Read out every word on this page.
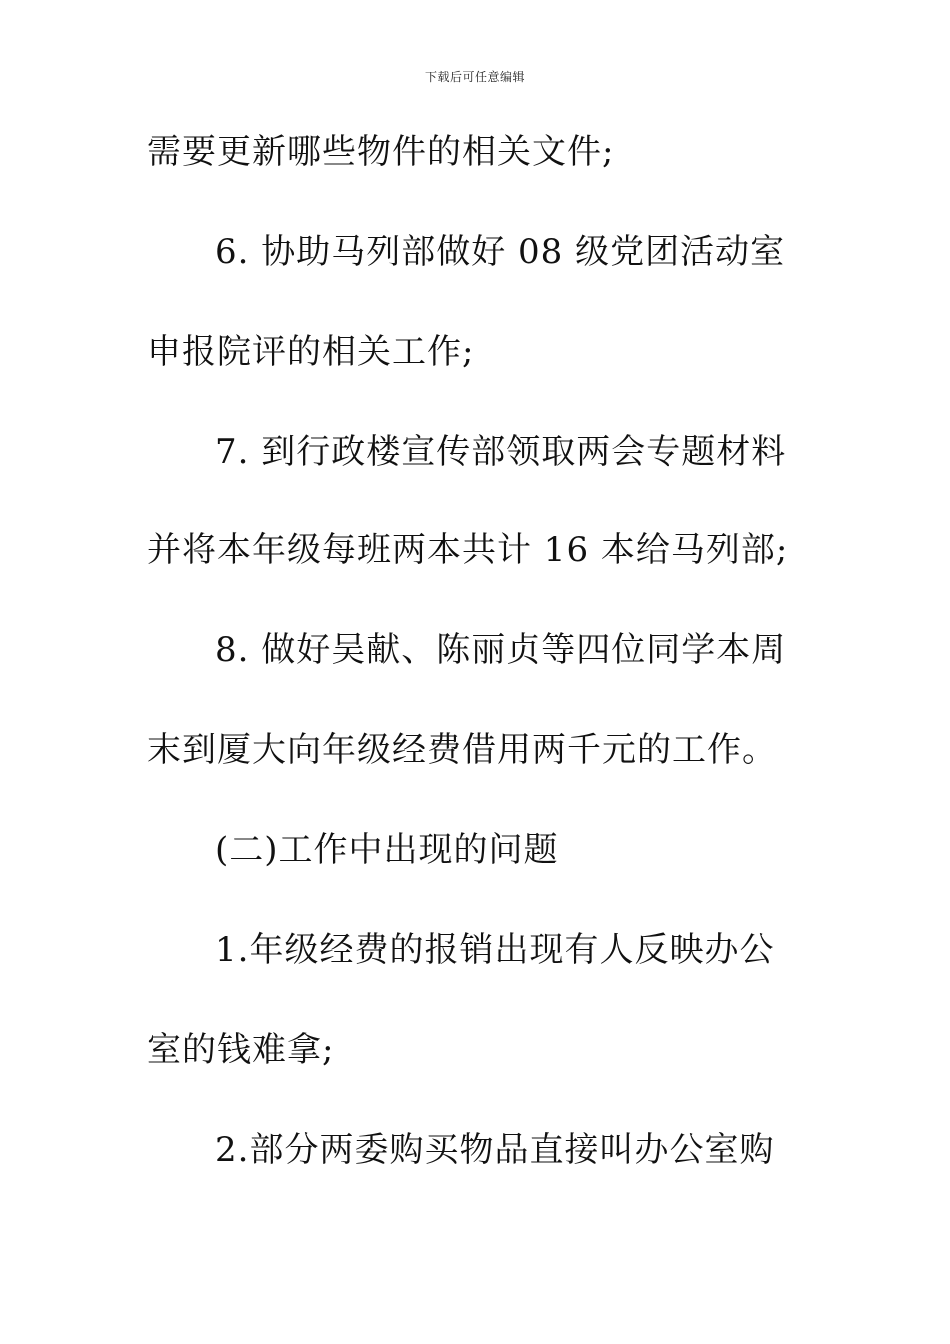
下载后可任意编辑
需要更新哪些物件的相关文件;
6. 协助马列部做好 08 级党团活动室
申报院评的相关工作;
7. 到行政楼宣传部领取两会专题材料
并将本年级每班两本共计 16 本给马列部;
8. 做好吴献、陈丽贞等四位同学本周
末到厦大向年级经费借用两千元的工作。
(二)工作中出现的问题
1.年级经费的报销出现有人反映办公
室的钱难拿;
2.部分两委购买物品直接叫办公室购
